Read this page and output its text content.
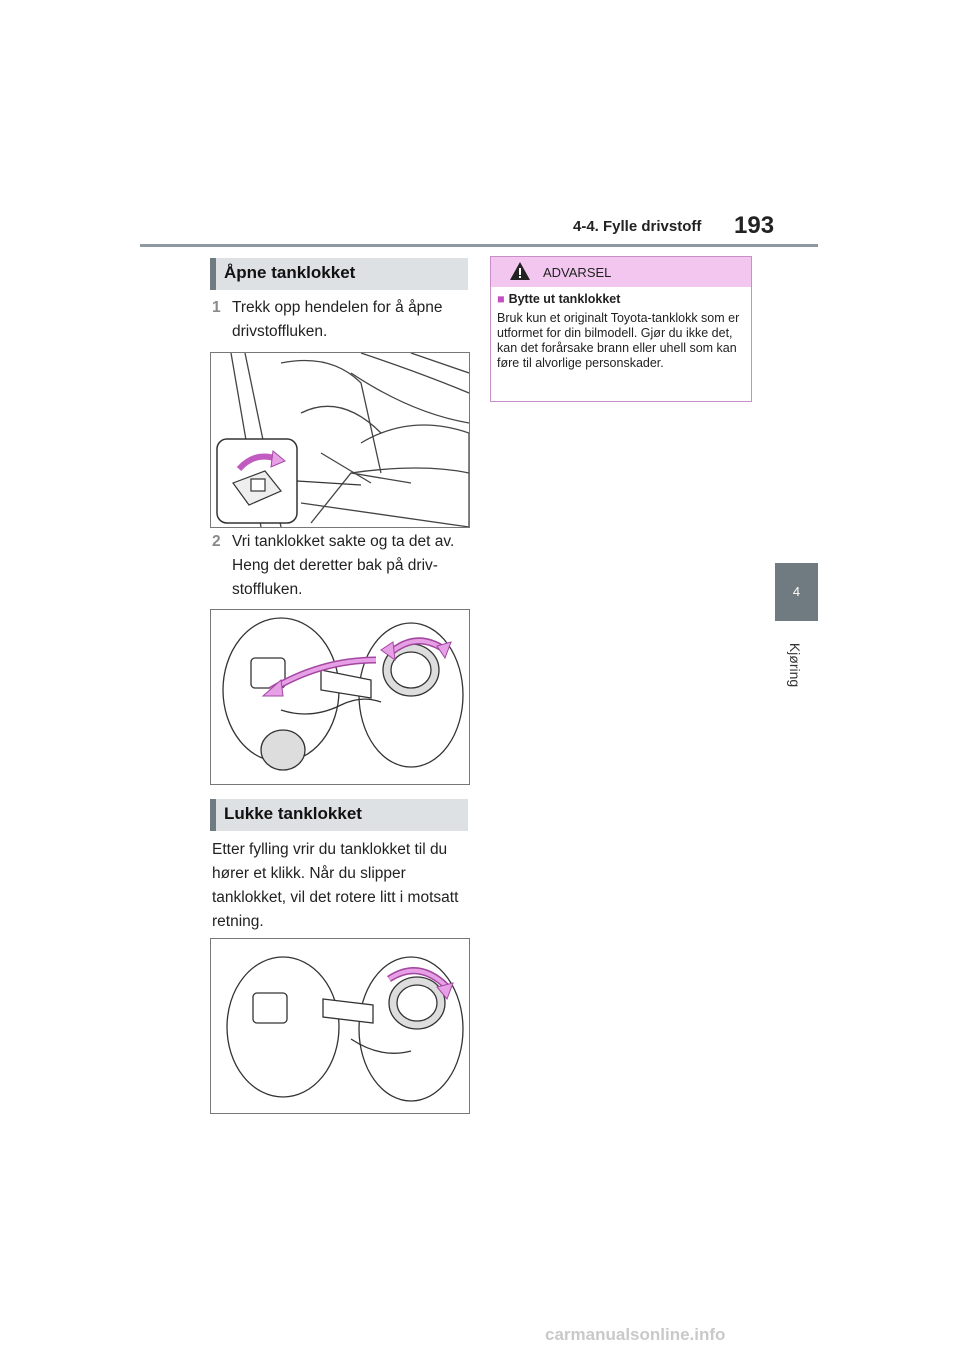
4-4. Fylle drivstoff 193
4
Kjøring
Åpne tanklokket
1 Trekk opp hendelen for å åpne drivstoffluken.
2 Vri tanklokket sakte og ta det av. Heng det deretter bak på driv-stoffluken.
Lukke tanklokket
Etter fylling vrir du tanklokket til du hører et klikk. Når du slipper tanklokket, vil det rotere litt i motsatt retning.
ADVARSEL
■ Bytte ut tanklokket
Bruk kun et originalt Toyota-tanklokk som er utformet for din bilmodell. Gjør du ikke det, kan det forårsake brann eller uhell som kan føre til alvorlige personskader.
carmanualsonline.info
